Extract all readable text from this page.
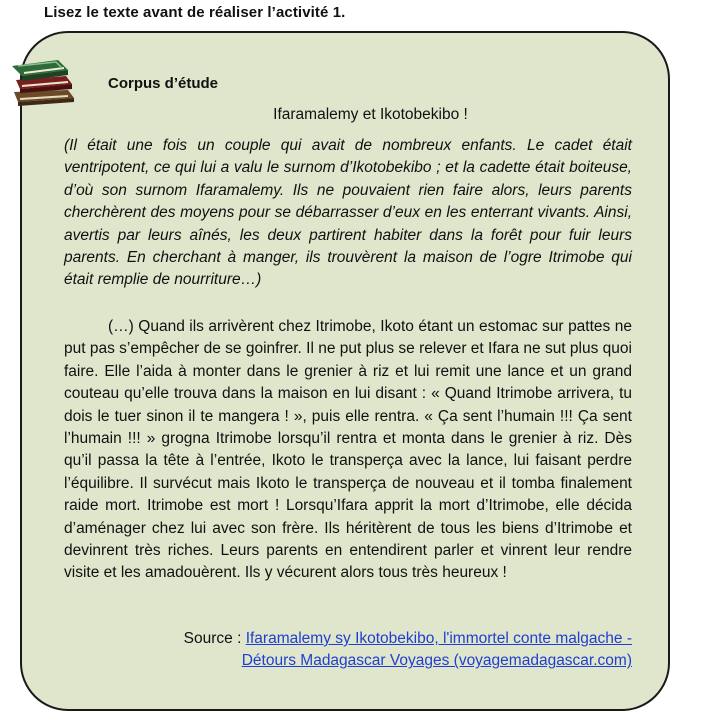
Lisez le texte avant de réaliser l’activité 1.
Corpus d’étude
Ifaramalemy et Ikotobekibo !

(Il était une fois un couple qui avait de nombreux enfants. Le cadet était ventripotent, ce qui lui a valu le surnom d’Ikotobekibo ; et la cadette était boiteuse, d’où son surnom Ifaramalemy. Ils ne pouvaient rien faire alors, leurs parents cherchèrent des moyens pour se débarrasser d’eux en les enterrant vivants. Ainsi, avertis par leurs aînés, les deux partirent habiter dans la forêt pour fuir leurs parents. En cherchant à manger, ils trouvèrent la maison de l’ogre Itrimobe qui était remplie de nourriture…)

(…) Quand ils arrivèrent chez Itrimobe, Ikoto étant un estomac sur pattes ne put pas s’empêcher de se goinfrer. Il ne put plus se relever et Ifara ne sut plus quoi faire. Elle l’aida à monter dans le grenier à riz et lui remit une lance et un grand couteau qu’elle trouva dans la maison en lui disant : « Quand Itrimobe arrivera, tu dois le tuer sinon il te mangera ! », puis elle rentra. « Ça sent l’humain !!! Ça sent l’humain !!! » grogna Itrimobe lorsqu’il rentra et monta dans le grenier à riz. Dès qu’il passa la tête à l’entrée, Ikoto le transperça avec la lance, lui faisant perdre l’équilibre. Il survécut mais Ikoto le transperça de nouveau et il tomba finalement raide mort. Itrimobe est mort ! Lorsqu’Ifara apprit la mort d’Itrimobe, elle décida d’aménager chez lui avec son frère. Ils héritèrent de tous les biens d’Itrimobe et devinrent très riches. Leurs parents en entendirent parler et vinrent leur rendre visite et les amadouèrent. Ils y vécurent alors tous très heureux !

Source : Ifaramalemy sy Ikotobekibo, l'immortel conte malgache -
Détours Madagascar Voyages (voyagemadagascar.com)
